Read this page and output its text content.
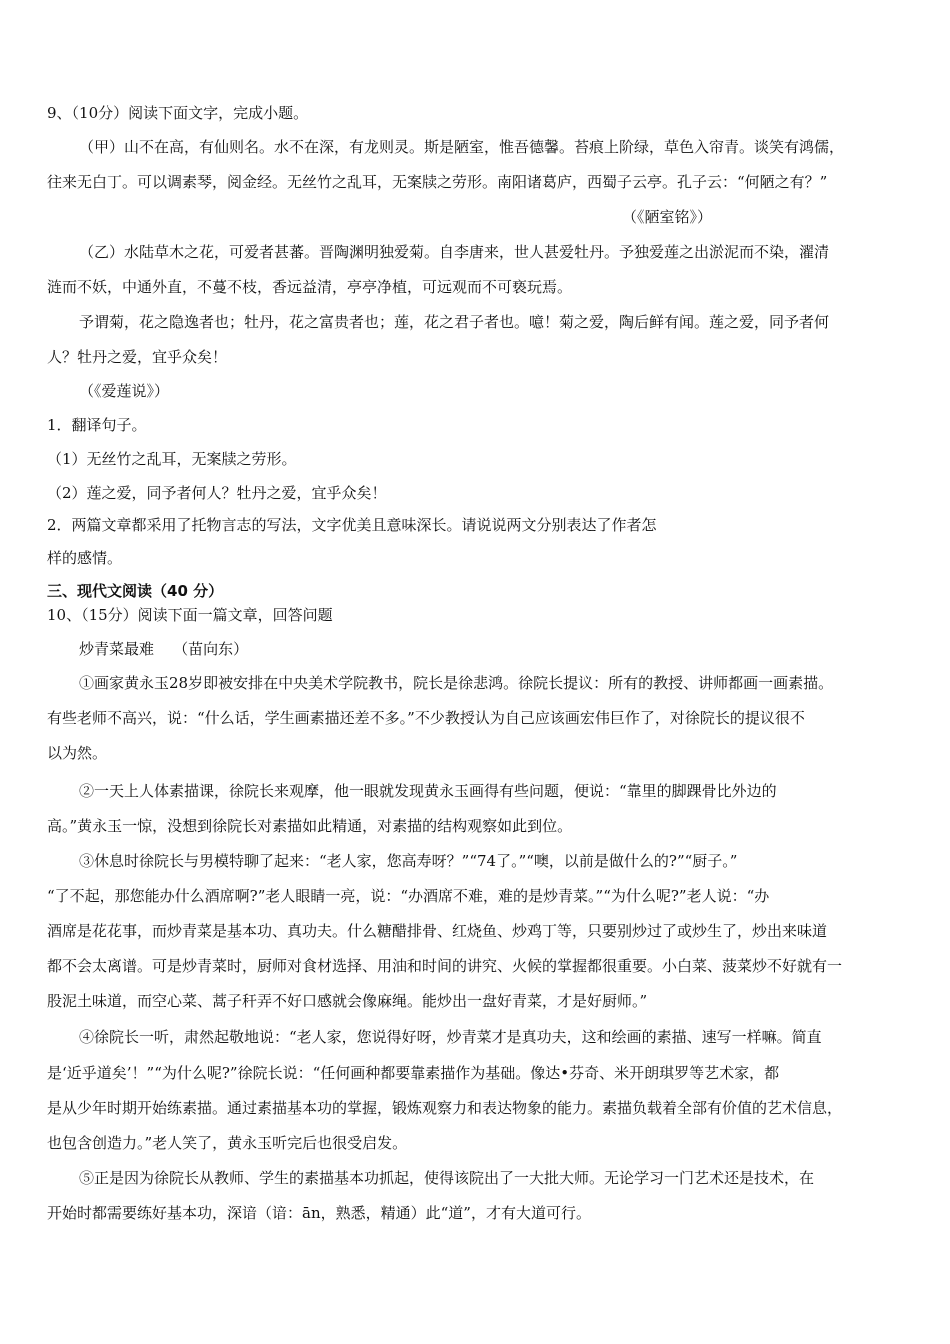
9、（10分）阅读下面文字，完成小题。
（甲）山不在高，有仙则名。水不在深，有龙则灵。斯是陋室，惟吾德馨。苔痕上阶绿，草色入帘青。谈笑有鸿儒，
往来无白丁。可以调素琴，阅金经。无丝竹之乱耳，无案牍之劳形。南阳诸葛庐，西蜀子云亭。孔子云：“何陋之有？”
（《陋室铭》）
（乙）水陆草木之花，可爱者甚蕃。晋陶渊明独爱菊。自李唐来，世人甚爱牡丹。予独爱莲之出淤泥而不染，濯清
涟而不妖，中通外直，不蔓不枝，香远益清，亭亭净植，可远观而不可亵玩焉。
予谓菊，花之隐逸者也；牡丹，花之富贵者也；莲，花之君子者也。噫！菊之爱，陶后鲜有闻。莲之爱，同予者何
人？牡丹之爱，宜乎众矣！
（《爱莲说》）
1．翻译句子。
（1）无丝竹之乱耳，无案牍之劳形。
（2）莲之爱，同予者何人？牡丹之爱，宜乎众矣！
2．两篇文章都采用了托物言志的写法，文字优美且意味深长。请说说两文分别表达了作者怎
样的感情。
三、现代文阅读（40 分）
10、（15分）阅读下面一篇文章，回答问题
炒青菜最难    （苗向东）
①画家黄永玉28岁即被安排在中央美术学院教书，院长是徐悲鸿。徐院长提议：所有的教授、讲师都画一画素描。
有些老师不高兴，说：“什么话，学生画素描还差不多。”不少教授认为自己应该画宏伟巨作了，对徐院长的提议很不
以为然。
②一天上人体素描课，徐院长来观摩，他一眼就发现黄永玉画得有些问题，便说：“靠里的脚踝骨比外边的
高。”黄永玉一惊，没想到徐院长对素描如此精通，对素描的结构观察如此到位。
③休息时徐院长与男模特聊了起来：“老人家，您高寿呀？”“74了。”“噢，以前是做什么的?”“厨子。”
“了不起，那您能办什么酒席啊?”老人眼睛一亮，说：“办酒席不难，难的是炒青菜。”“为什么呢?”老人说：“办
酒席是花花事，而炒青菜是基本功、真功夫。什么糖醋排骨、红烧鱼、炒鸡丁等，只要别炒过了或炒生了，炒出来味道
都不会太离谱。可是炒青菜时，厨师对食材选择、用油和时间的讲究、火候的掌握都很重要。小白菜、菠菜炒不好就有一
股泥土味道，而空心菜、蒿子秆弄不好口感就会像麻绳。能炒出一盘好青菜，才是好厨师。”
④徐院长一听，肃然起敬地说：“老人家，您说得好呀，炒青菜才是真功夫，这和绘画的素描、速写一样嘛。简直
是‘近乎道矣’！”“为什么呢?”徐院长说：“任何画种都要靠素描作为基础。像达•芬奇、米开朗琪罗等艺术家，都
是从少年时期开始练素描。通过素描基本功的掌握，锻炼观察力和表达物象的能力。素描负载着全部有价值的艺术信息，
也包含创造力。”老人笑了，黄永玉听完后也很受启发。
⑤正是因为徐院长从教师、学生的素描基本功抓起，使得该院出了一大批大师。无论学习一门艺术还是技术，在
开始时都需要练好基本功，深谙（谙：ān，熟悉，精通）此“道”，才有大道可行。
